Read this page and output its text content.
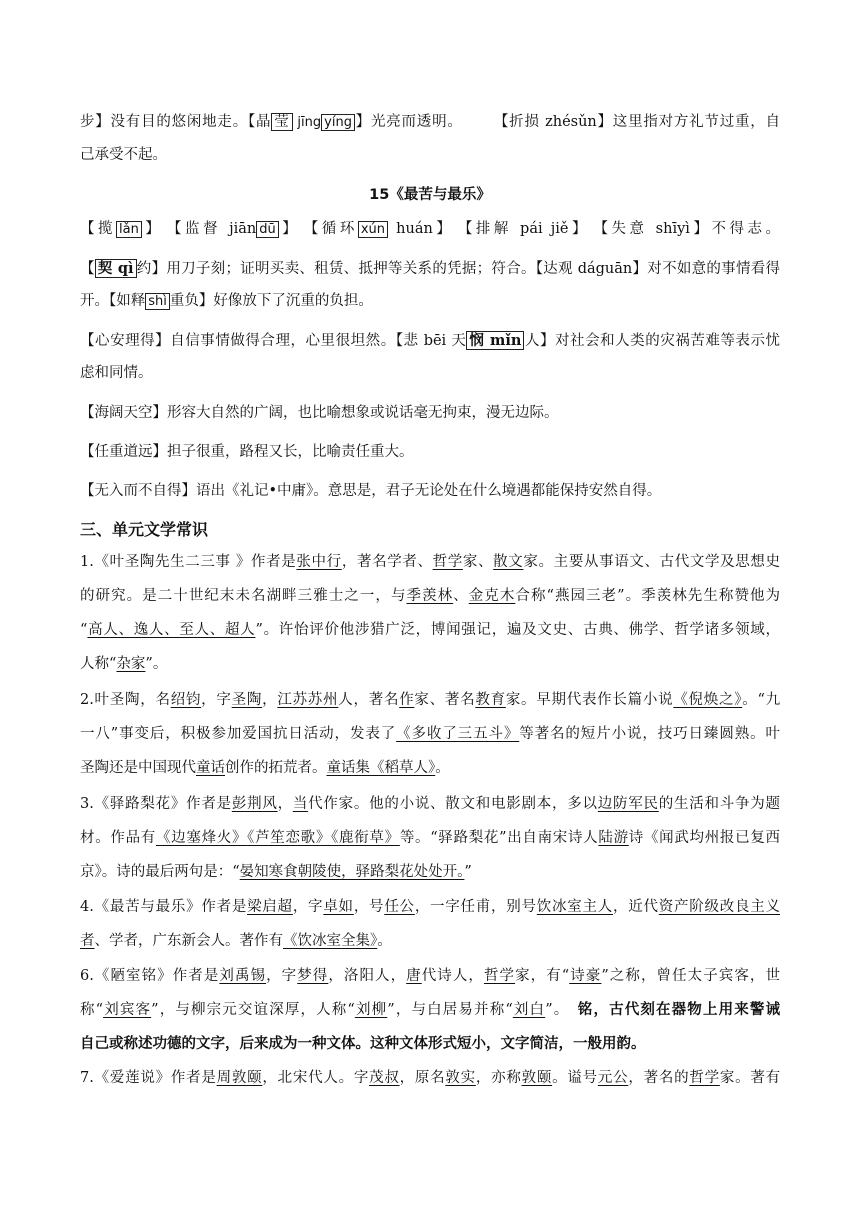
步】没有目的悠闲地走。【晶 莹 jīng yíng 】光亮而透明。　　　【折损 zhésǔn】这里指对方礼节过重，自
己承受不起。
15《最苦与最乐》
【揽 lǎn 】　【监督 jiān dū 】　【循环 xún huán】　【排解 pái jiě】　【失意 shīyì】不得志。
【 契 qì 约】用刀子刻；证明买卖、租赁、抵押等关系的凭据；符合。【达观 dáguān】对不如意的事情看得
开。【如释 shì 重负】好像放下了沉重的负担。
【心安理得】自信事情做得合理，心里很坦然。【悲 bēi 天 悯 mǐn 人】对社会和人类的灾祸苦难等表示忧
虑和同情。
【海阔天空】形容大自然的广阔，也比喻想象或说话毫无拘束，漫无边际。
【任重道远】担子很重，路程又长，比喻责任重大。
【无入而不自得】语出《礼记•中庸》。意思是，君子无论处在什么境遇都能保持安然自得。
三、单元文学常识
1.《叶圣陶先生二三事 》作者是张中行，著名学者、哲学家、散文家。主要从事语文、古代文学及思想史
的研究。是二十世纪末未名湖畔三雅士之一，与季羡林、金克木合称“燕园三老”。季羡林先生称赞他为
“高人、逸人、至人、超人”。许怡评价他涉猎广泛，博闻强记，遍及文史、古典、佛学、哲学诸多领域，
人称“杂家”。
2.叶圣陶，名绍钧，字圣陶，江苏苏州人，著名作家、著名教育家。早期代表作长篇小说《倪焕之》。“九
一八”事变后，积极参加爱国抗日活动，发表了《多收了三五斗》等著名的短片小说，技巧日臻圆熟。叶
圣陶还是中国现代童话创作的拓荒者。童话集《稻草人》。
3.《驿路梨花》作者是彭荆风，当代作家。他的小说、散文和电影剧本，多以边防军民的生活和斗争为题
材。作品有《边塞烽火》《芦笙恋歌》《鹿衔草》等。“驿路梨花”出自南宋诗人陆游诗《闻武均州报已复西
京》。诗的最后两句是：“晏知寒食朝陵使，驿路梨花处处开。”
4.《最苦与最乐》作者是梁启超，字卓如，号任公，一字任甫，别号饮冰室主人，近代资产阶级改良主义
者、学者，广东新会人。著作有《饮冰室全集》。
6.《陋室铭》作者是刘禹锡，字梦得，洛阳人，唐代诗人，哲学家，有“诗豪”之称，曾任太子宾客，世
称“刘宾客”，与柳宗元交谊深厚，人称“刘柳”，与白居易并称“刘白”。　铭，古代刻在器物上用来警诫
自己或称述功德的文字，后来成为一种文体。这种文体形式短小，文字简洁，一般用韵。
7.《爱莲说》作者是周敦颐，北宋代人。字茂叔，原名敦实，亦称敦颐。谥号元公，著名的哲学家。著有
